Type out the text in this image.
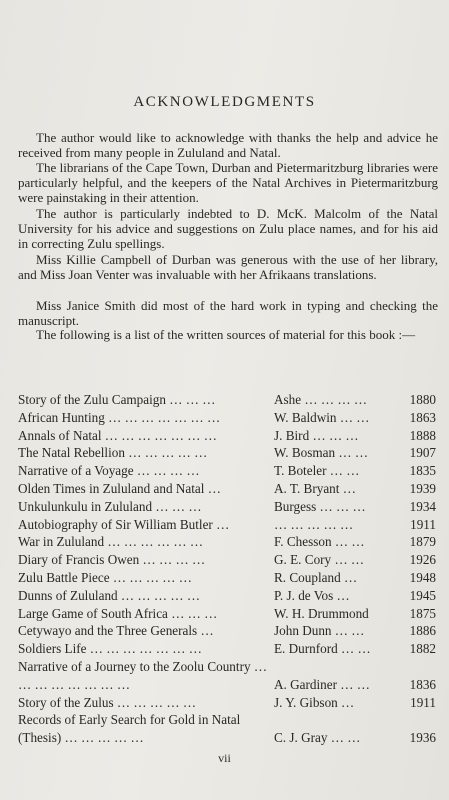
ACKNOWLEDGMENTS
The author would like to acknowledge with thanks the help and advice he received from many people in Zululand and Natal.
The librarians of the Cape Town, Durban and Pietermaritzburg libraries were particularly helpful, and the keepers of the Natal Archives in Pietermaritzburg were painstaking in their attention.
The author is particularly indebted to D. McK. Malcolm of the Natal University for his advice and suggestions on Zulu place names, and for his aid in correcting Zulu spellings.
Miss Killie Campbell of Durban was generous with the use of her library, and Miss Joan Venter was invaluable with her Afrikaans translations.
Miss Janice Smith did most of the hard work in typing and checking the manuscript.
The following is a list of the written sources of material for this book :—
Story of the Zulu Campaign … … …	Ashe … … … …	1880
African Hunting … … … … … … …	W. Baldwin … …	1863
Annals of Natal … … … … … … …	J. Bird … … …	1888
The Natal Rebellion … … … … …	W. Bosman … …	1907
Narrative of a Voyage … … … …	T. Boteler … …	1835
Olden Times in Zululand and Natal …	A. T. Bryant …	1939
Unkulunkulu in Zululand … … …	Burgess … … …	1934
Autobiography of Sir William Butler …	… … … … …	1911
War in Zululand … … … … … …	F. Chesson … …	1879
Diary of Francis Owen … … … …	G. E. Cory … …	1926
Zulu Battle Piece … … … … …	R. Coupland …	1948
Dunns of Zululand … … … … …	P. J. de Vos …	1945
Large Game of South Africa … … …	W. H. Drummond	1875
Cetywayo and the Three Generals …	John Dunn … …	1886
Soldiers Life … … … … … … …	E. Durnford … …	1882
Narrative of a Journey to the Zoolu Country … … … … … … … …	A. Gardiner … …	1836
Story of the Zulus … … … … …	J. Y. Gibson …	1911
Records of Early Search for Gold in Natal (Thesis) … … … … …	C. J. Gray … …	1936
vii
